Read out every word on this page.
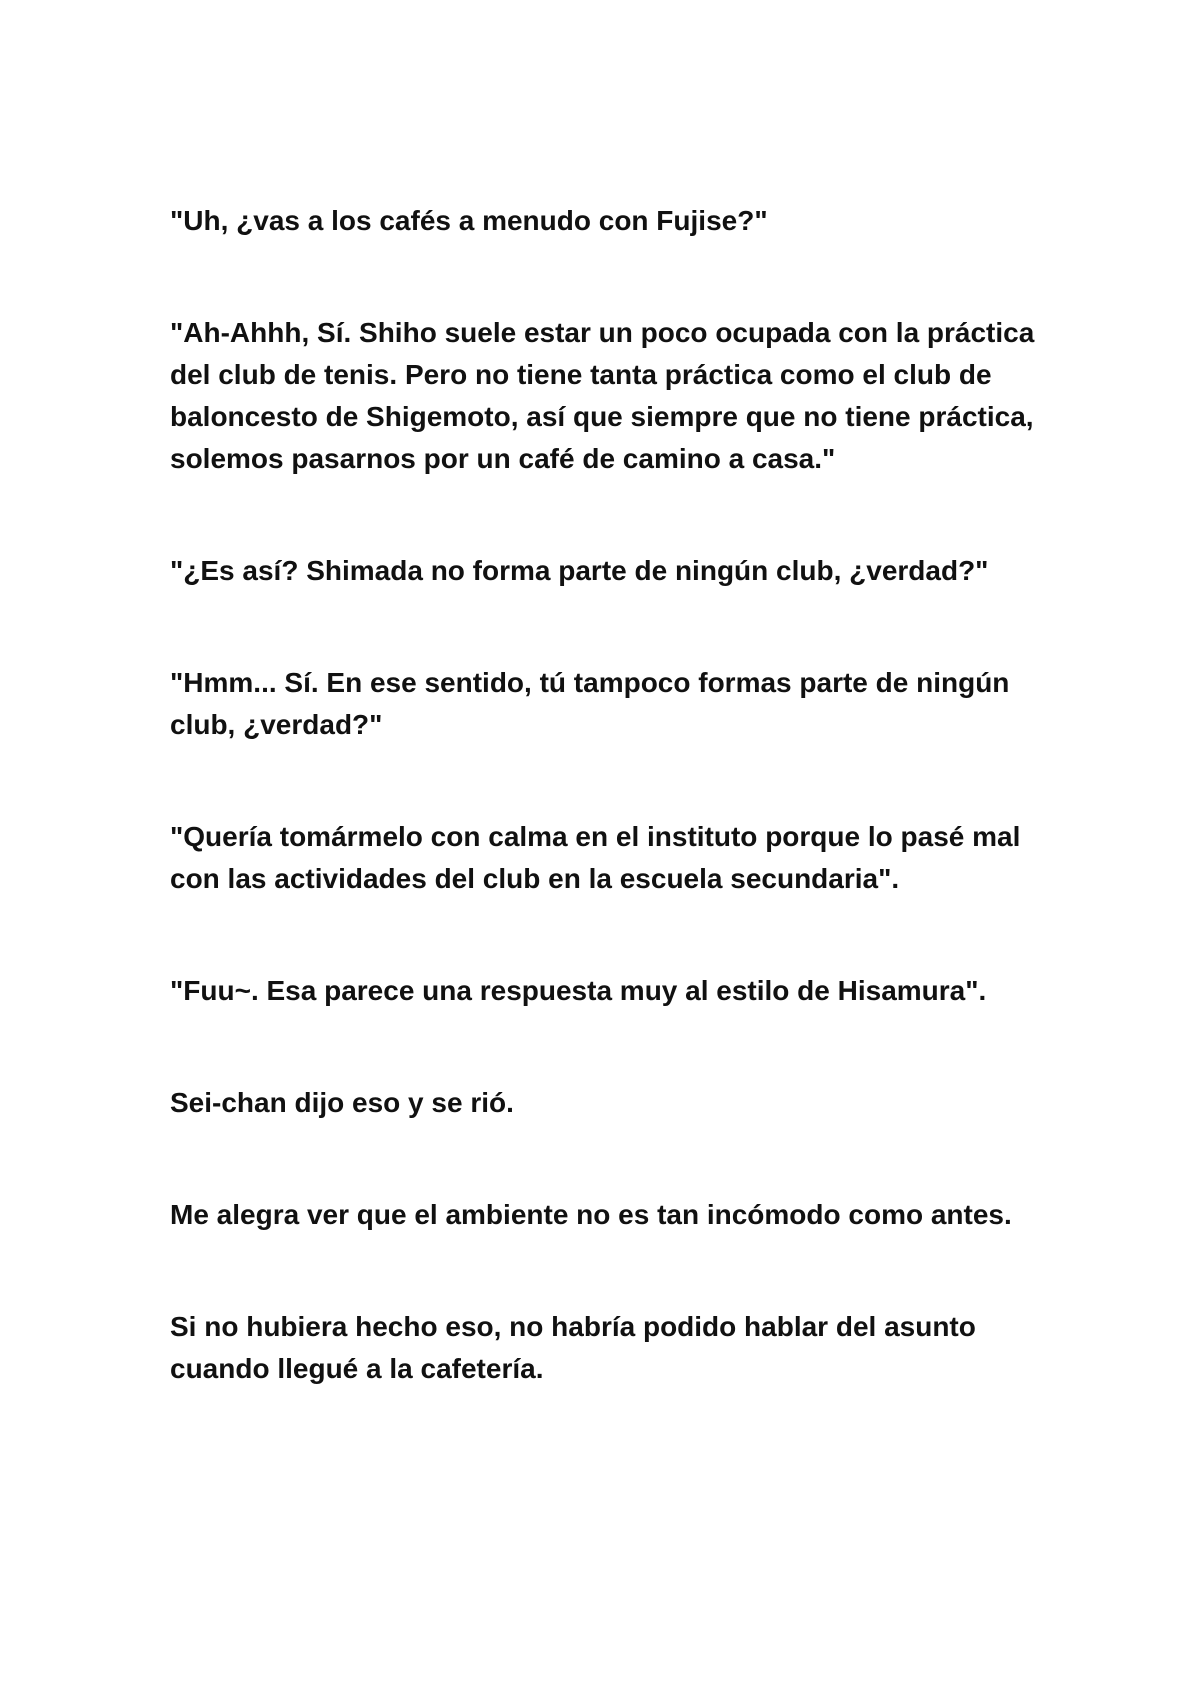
"Uh, ¿vas a los cafés a menudo con Fujise?"

"Ah-Ahhh, Sí. Shiho suele estar un poco ocupada con la práctica del club de tenis. Pero no tiene tanta práctica como el club de baloncesto de Shigemoto, así que siempre que no tiene práctica, solemos pasarnos por un café de camino a casa."

"¿Es así? Shimada no forma parte de ningún club, ¿verdad?"

"Hmm... Sí. En ese sentido, tú tampoco formas parte de ningún club, ¿verdad?"

"Quería tomármelo con calma en el instituto porque lo pasé mal con las actividades del club en la escuela secundaria".

"Fuu~. Esa parece una respuesta muy al estilo de Hisamura".

Sei-chan dijo eso y se rió.

Me alegra ver que el ambiente no es tan incómodo como antes.

Si no hubiera hecho eso, no habría podido hablar del asunto cuando llegué a la cafetería.
